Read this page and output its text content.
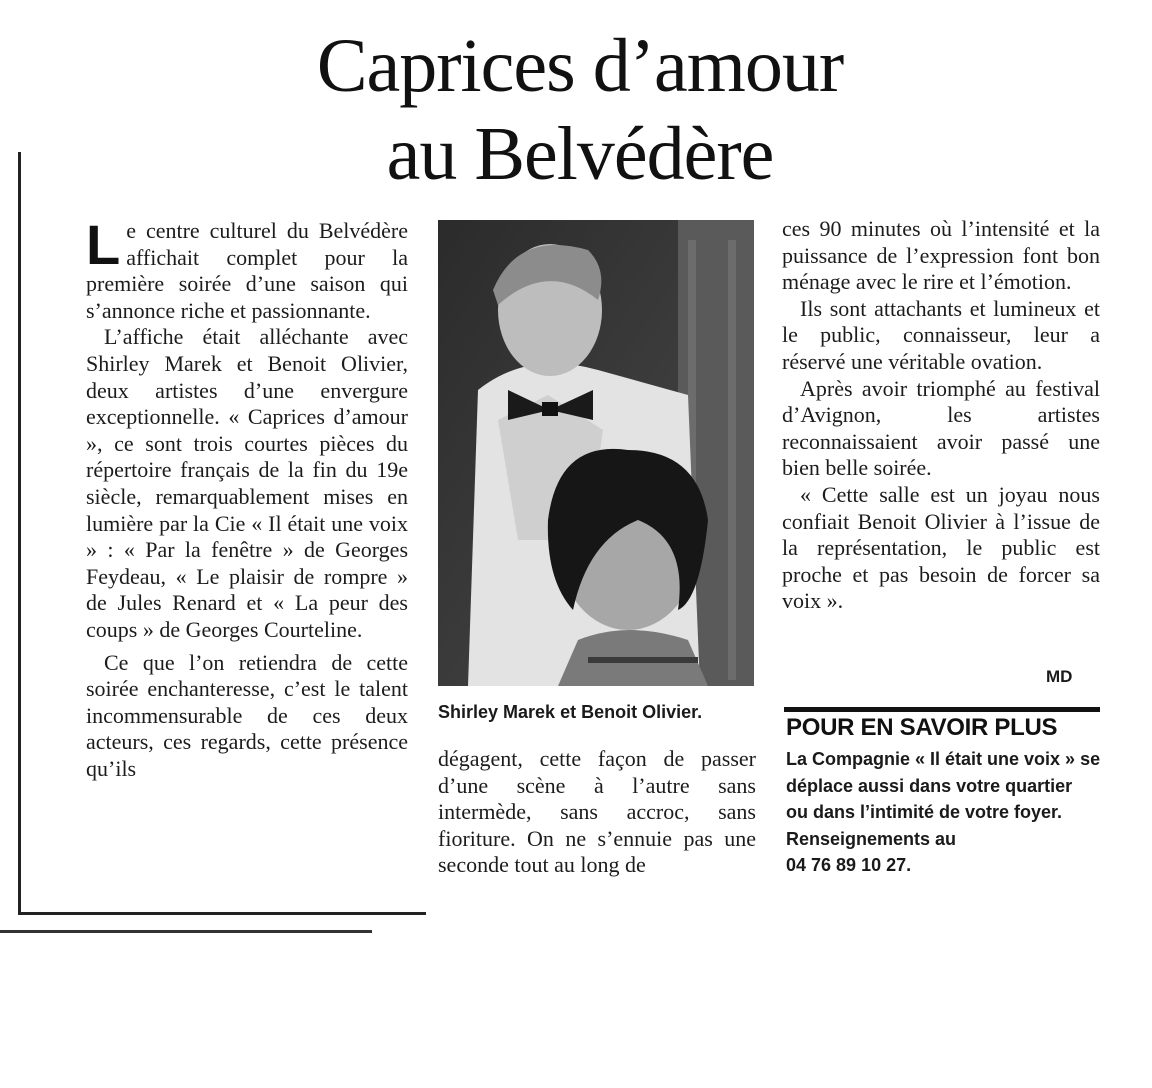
Caprices d’amour
au Belvédère

Le centre culturel du Belvédère affichait complet pour la première soirée d’une saison qui s’annonce riche et passionnante.

L’affiche était alléchante avec Shirley Marek et Benoit Olivier, deux artistes d’une envergure exceptionnelle. « Caprices d’amour », ce sont trois courtes pièces du répertoire français de la fin du 19e siècle, remarquablement mises en lumière par la Cie « Il était une voix » : « Par la fenêtre » de Georges Feydeau, « Le plaisir de rompre » de Jules Renard et « La peur des coups » de Georges Courteline.

Ce que l’on retiendra de cette soirée enchanteresse, c’est le talent incommensurable de ces deux acteurs, ces regards, cette présence qu’ils

Shirley Marek et Benoit Olivier.

dégagent, cette façon de passer d’une scène à l’autre sans intermède, sans accroc, sans fioriture. On ne s’ennuie pas une seconde tout au long de

ces 90 minutes où l’intensité et la puissance de l’expression font bon ménage avec le rire et l’émotion.

Ils sont attachants et lumineux et le public, connaisseur, leur a réservé une véritable ovation.

Après avoir triomphé au festival d’Avignon, les artistes reconnaissaient avoir passé une bien belle soirée.

« Cette salle est un joyau nous confiait Benoit Olivier à l’issue de la représentation, le public est proche et pas besoin de forcer sa voix ».

MD
POUR EN SAVOIR PLUS
La Compagnie « Il était une voix » se
déplace aussi dans votre quartier
ou dans l’intimité de votre foyer.
Renseignements au
04 76 89 10 27.
